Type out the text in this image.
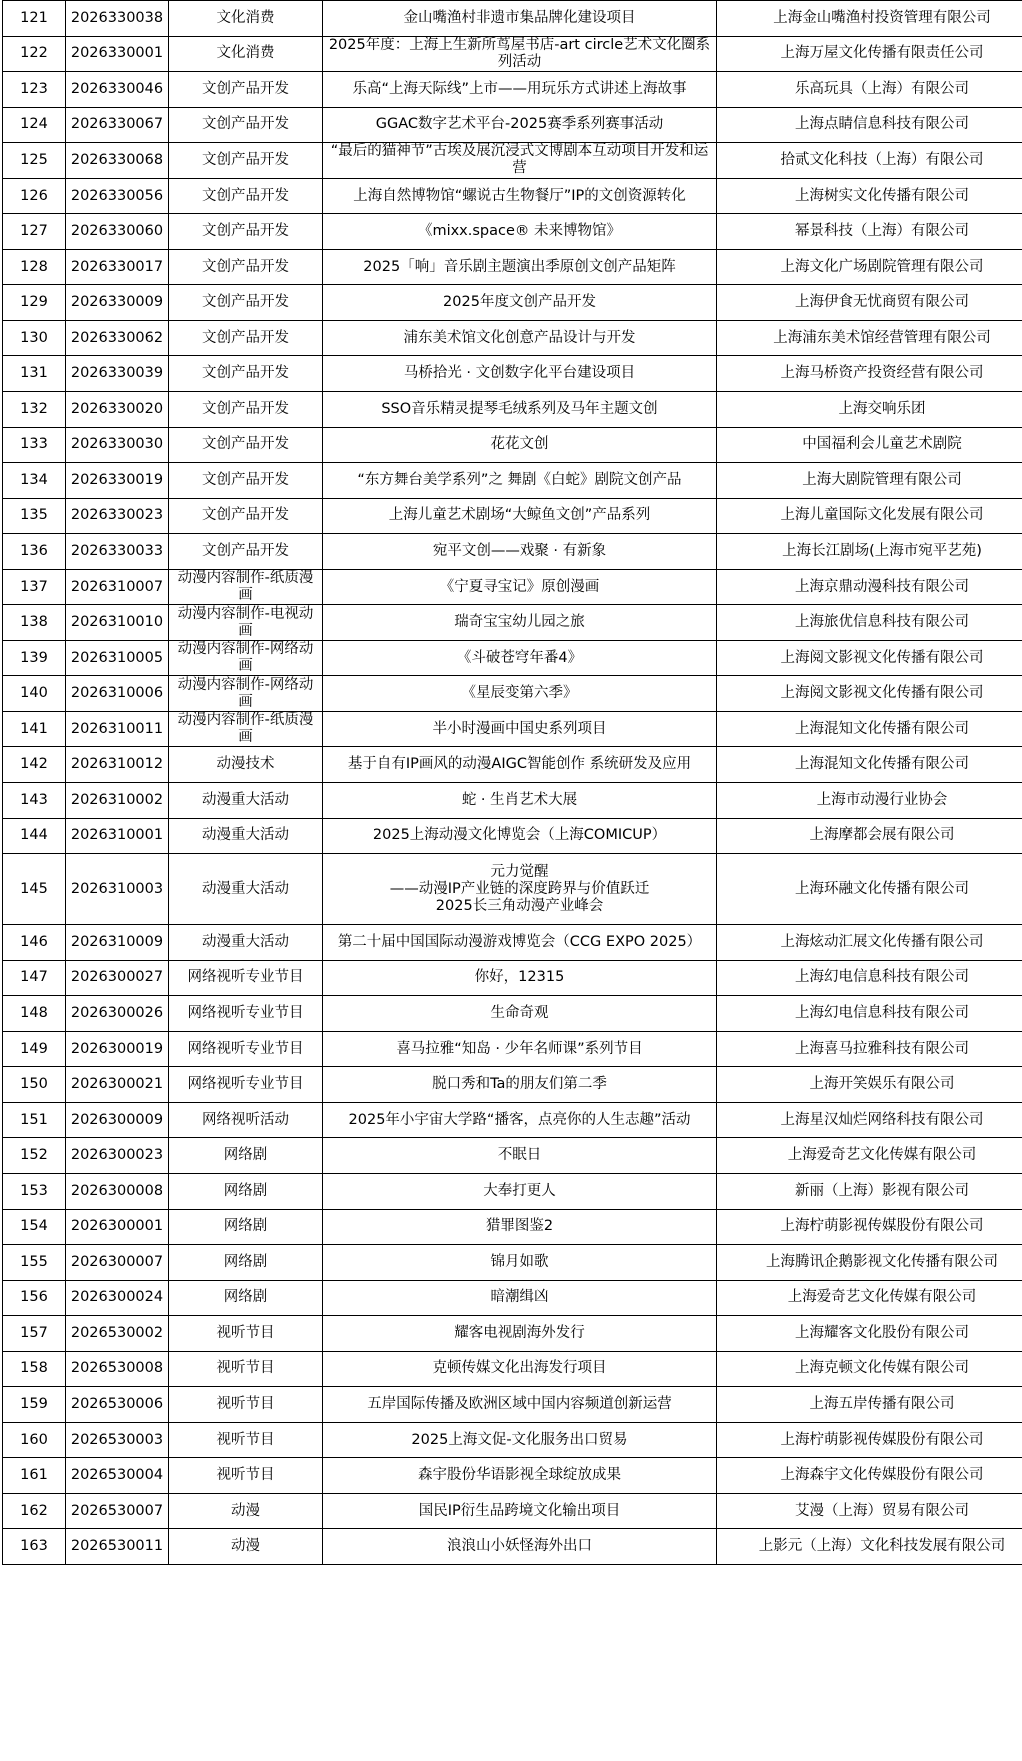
121	2026330038	文化消费	金山嘴渔村非遗市集品牌化建设项目	上海金山嘴渔村投资管理有限公司
122	2026330001	文化消费	2025年度：上海上生新所茑屋书店-art circle艺术文化圈系列活动	上海万屋文化传播有限责任公司
123	2026330046	文创产品开发	乐高“上海天际线”上市——用玩乐方式讲述上海故事	乐高玩具（上海）有限公司
124	2026330067	文创产品开发	GGAC数字艺术平台-2025赛季系列赛事活动	上海点睛信息科技有限公司
125	2026330068	文创产品开发	“最后的猫神节”古埃及展沉浸式文博剧本互动项目开发和运营	拾贰文化科技（上海）有限公司
126	2026330056	文创产品开发	上海自然博物馆“螺说古生物餐厅”IP的文创资源转化	上海树实文化传播有限公司
127	2026330060	文创产品开发	《mixx.space® 未来博物馆》	幂景科技（上海）有限公司
128	2026330017	文创产品开发	2025「响」音乐剧主题演出季原创文创产品矩阵	上海文化广场剧院管理有限公司
129	2026330009	文创产品开发	2025年度文创产品开发	上海伊食无忧商贸有限公司
130	2026330062	文创产品开发	浦东美术馆文化创意产品设计与开发	上海浦东美术馆经营管理有限公司
131	2026330039	文创产品开发	马桥拾光 · 文创数字化平台建设项目	上海马桥资产投资经营有限公司
132	2026330020	文创产品开发	SSO音乐精灵提琴毛绒系列及马年主题文创	上海交响乐团
133	2026330030	文创产品开发	花花文创	中国福利会儿童艺术剧院
134	2026330019	文创产品开发	“东方舞台美学系列”之 舞剧《白蛇》剧院文创产品	上海大剧院管理有限公司
135	2026330023	文创产品开发	上海儿童艺术剧场“大鲸鱼文创”产品系列	上海儿童国际文化发展有限公司
136	2026330033	文创产品开发	宛平文创——戏聚 · 有新象	上海长江剧场(上海市宛平艺苑)
137	2026310007	动漫内容制作-纸质漫画	《宁夏寻宝记》原创漫画	上海京鼎动漫科技有限公司
138	2026310010	动漫内容制作-电视动画	瑞奇宝宝幼儿园之旅	上海旅优信息科技有限公司
139	2026310005	动漫内容制作-网络动画	《斗破苍穹年番4》	上海阅文影视文化传播有限公司
140	2026310006	动漫内容制作-网络动画	《星辰变第六季》	上海阅文影视文化传播有限公司
141	2026310011	动漫内容制作-纸质漫画	半小时漫画中国史系列项目	上海混知文化传播有限公司
142	2026310012	动漫技术	基于自有IP画风的动漫AIGC智能创作 系统研发及应用	上海混知文化传播有限公司
143	2026310002	动漫重大活动	蛇 · 生肖艺术大展	上海市动漫行业协会
144	2026310001	动漫重大活动	2025上海动漫文化博览会（上海COMICUP）	上海摩都会展有限公司
145	2026310003	动漫重大活动	元力觉醒
——动漫IP产业链的深度跨界与价值跃迁
2025长三角动漫产业峰会	上海环融文化传播有限公司
146	2026310009	动漫重大活动	第二十届中国国际动漫游戏博览会（CCG EXPO 2025）	上海炫动汇展文化传播有限公司
147	2026300027	网络视听专业节目	你好，12315	上海幻电信息科技有限公司
148	2026300026	网络视听专业节目	生命奇观	上海幻电信息科技有限公司
149	2026300019	网络视听专业节目	喜马拉雅“知岛 · 少年名师课”系列节目	上海喜马拉雅科技有限公司
150	2026300021	网络视听专业节目	脱口秀和Ta的朋友们第二季	上海开笑娱乐有限公司
151	2026300009	网络视听活动	2025年小宇宙大学路“播客，点亮你的人生志趣”活动	上海星汉灿烂网络科技有限公司
152	2026300023	网络剧	不眠日	上海爱奇艺文化传媒有限公司
153	2026300008	网络剧	大奉打更人	新丽（上海）影视有限公司
154	2026300001	网络剧	猎罪图鉴2	上海柠萌影视传媒股份有限公司
155	2026300007	网络剧	锦月如歌	上海腾讯企鹅影视文化传播有限公司
156	2026300024	网络剧	暗潮缉凶	上海爱奇艺文化传媒有限公司
157	2026530002	视听节目	耀客电视剧海外发行	上海耀客文化股份有限公司
158	2026530008	视听节目	克顿传媒文化出海发行项目	上海克顿文化传媒有限公司
159	2026530006	视听节目	五岸国际传播及欧洲区域中国内容频道创新运营	上海五岸传播有限公司
160	2026530003	视听节目	2025上海文促-文化服务出口贸易	上海柠萌影视传媒股份有限公司
161	2026530004	视听节目	森宇股份华语影视全球绽放成果	上海森宇文化传媒股份有限公司
162	2026530007	动漫	国民IP衍生品跨境文化输出项目	艾漫（上海）贸易有限公司
163	2026530011	动漫	浪浪山小妖怪海外出口	上影元（上海）文化科技发展有限公司
